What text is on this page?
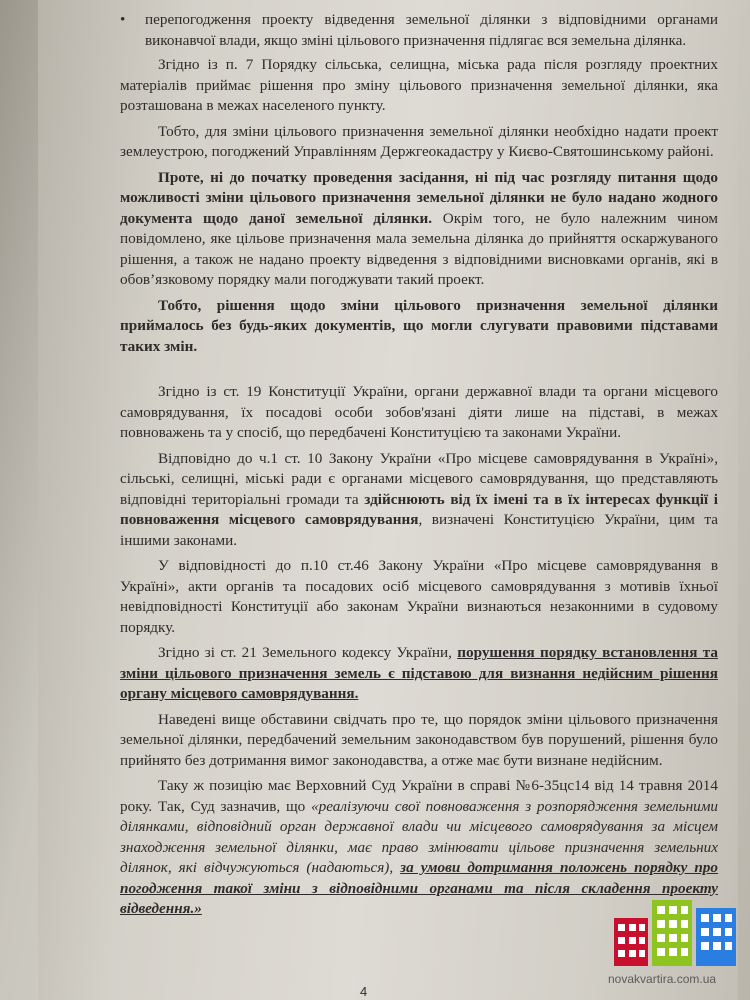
• перепогодження проекту відведення земельної ділянки з відповідними органами виконавчої влади, якщо зміні цільового призначення підлягає вся земельна ділянка.

Згідно із п. 7 Порядку сільська, селищна, міська рада після розгляду проектних матеріалів приймає рішення про зміну цільового призначення земельної ділянки, яка розташована в межах населеного пункту.

Тобто, для зміни цільового призначення земельної ділянки необхідно надати проект землеустрою, погоджений Управлінням Держгеокадастру у Києво-Святошинському районі.

Проте, ні до початку проведення засідання, ні під час розгляду питання щодо можливості зміни цільового призначення земельної ділянки не було надано жодного документа щодо даної земельної ділянки. Окрім того, не було належним чином повідомлено, яке цільове призначення мала земельна ділянка до прийняття оскаржуваного рішення, а також не надано проекту відведення з відповідними висновками органів, які в обов’язковому порядку мали погоджувати такий проект.

Тобто, рішення щодо зміни цільового призначення земельної ділянки приймалось без будь-яких документів, що могли слугувати правовими підставами таких змін.

Згідно із ст. 19 Конституції України, органи державної влади та органи місцевого самоврядування, їх посадові особи зобов'язані діяти лише на підставі, в межах повноважень та у спосіб, що передбачені Конституцією та законами України.

Відповідно до ч.1 ст. 10 Закону України «Про місцеве самоврядування в Україні», сільські, селищні, міські ради є органами місцевого самоврядування, що представляють відповідні територіальні громади та здійснюють від їх імені та в їх інтересах функції і повноваження місцевого самоврядування, визначені Конституцією України, цим та іншими законами.

У відповідності до п.10 ст.46 Закону України «Про місцеве самоврядування в Україні», акти органів та посадових осіб місцевого самоврядування з мотивів їхньої невідповідності Конституції або законам України визнаються незаконними в судовому порядку.

Згідно зі ст. 21 Земельного кодексу України, порушення порядку встановлення та зміни цільового призначення земель є підставою для визнання недійсним рішення органу місцевого самоврядування.

Наведені вище обставини свідчать про те, що порядок зміни цільового призначення земельної ділянки, передбачений земельним законодавством був порушений, рішення було прийнято без дотримання вимог законодавства, а отже має бути визнане недійсним.

Таку ж позицію має Верховний Суд України в справі №6-35цс14 від 14 травня 2014 року. Так, Суд зазначив, що «реалізуючи свої повноваження з розпорядження земельними ділянками, відповідний орган державної влади чи місцевого самоврядування за місцем знаходження земельної ділянки, має право змінювати цільове призначення земельних ділянок, які відчужуються (надаються), за умови дотримання положень порядку про погодження такої зміни з відповідними органами та після складення проекту відведення.»

4
novakvartira.com.ua
